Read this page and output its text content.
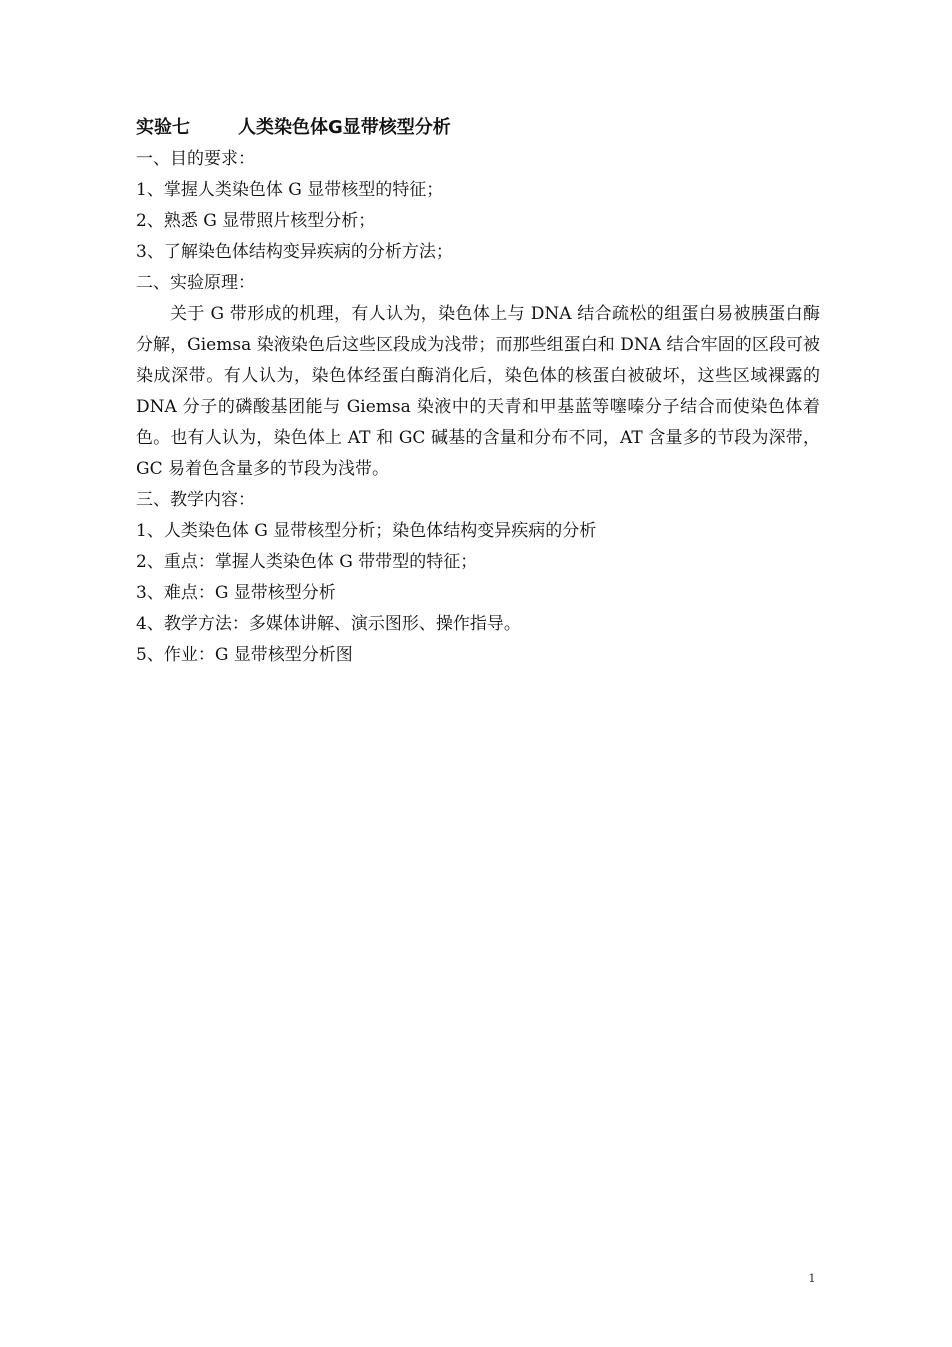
实验七	人类染色体G显带核型分析
一、目的要求：
1、掌握人类染色体 G 显带核型的特征；
2、熟悉 G 显带照片核型分析；
3、了解染色体结构变异疾病的分析方法；
二、实验原理：

关于 G 带形成的机理，有人认为，染色体上与 DNA 结合疏松的组蛋白易被胰蛋白酶分解，Giemsa 染液染色后这些区段成为浅带；而那些组蛋白和 DNA 结合牢固的区段可被染成深带。有人认为，染色体经蛋白酶消化后，染色体的核蛋白被破坏，这些区域裸露的 DNA 分子的磷酸基团能与 Giemsa 染液中的天青和甲基蓝等噻嗪分子结合而使染色体着色。也有人认为，染色体上 AT 和 GC 碱基的含量和分布不同，AT 含量多的节段为深带，GC 易着色含量多的节段为浅带。

三、教学内容：
1、人类染色体 G 显带核型分析；染色体结构变异疾病的分析
2、重点：掌握人类染色体 G 带带型的特征；
3、难点：G 显带核型分析
4、教学方法：多媒体讲解、演示图形、操作指导。
5、作业：G 显带核型分析图
1
